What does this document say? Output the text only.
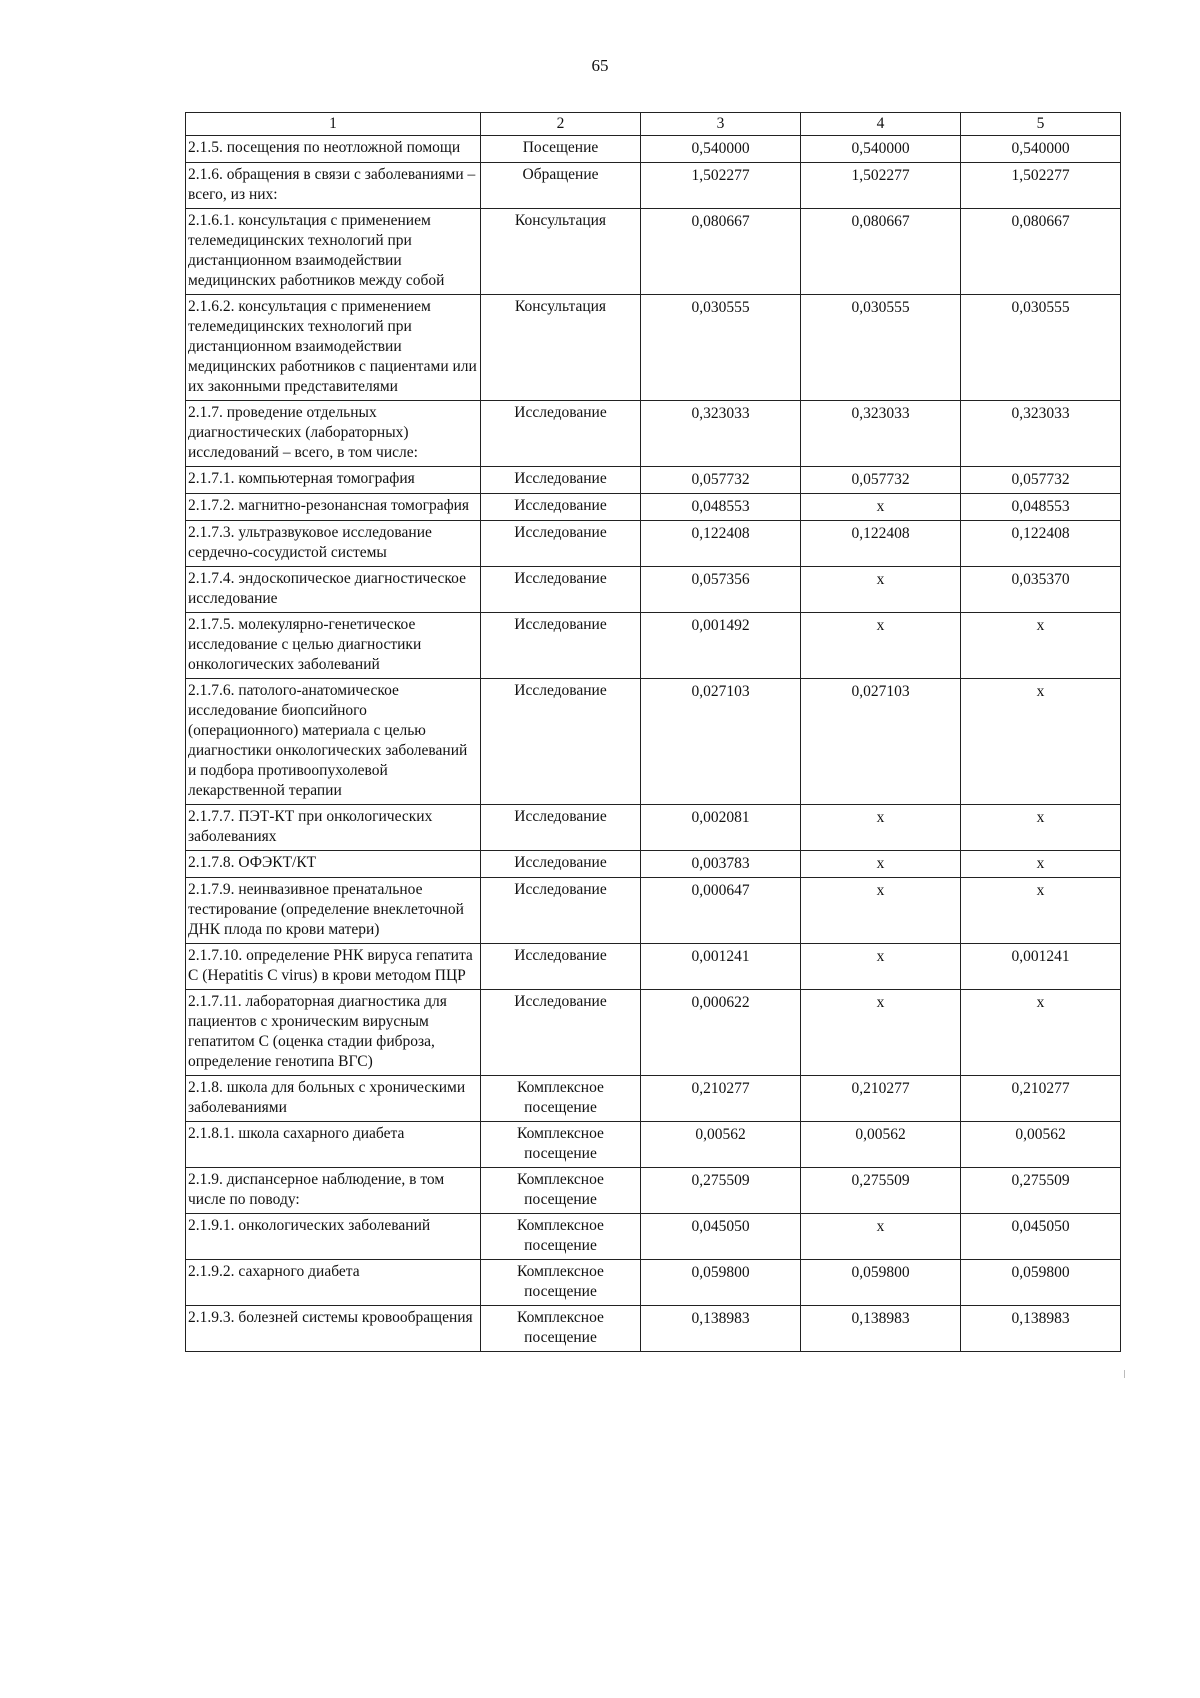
65
1	2	3	4	5
2.1.5. посещения по неотложной помощи	Посещение	0,540000	0,540000	0,540000
2.1.6. обращения в связи с заболеваниями – всего, из них:	Обращение	1,502277	1,502277	1,502277
2.1.6.1. консультация с применением телемедицинских технологий при дистанционном взаимодействии медицинских работников между собой	Консультация	0,080667	0,080667	0,080667
2.1.6.2. консультация с применением телемедицинских технологий при дистанционном взаимодействии медицинских работников с пациентами или их законными представителями	Консультация	0,030555	0,030555	0,030555
2.1.7. проведение отдельных диагностических (лабораторных) исследований – всего, в том числе:	Исследование	0,323033	0,323033	0,323033
2.1.7.1. компьютерная томография	Исследование	0,057732	0,057732	0,057732
2.1.7.2. магнитно-резонансная томография	Исследование	0,048553	х	0,048553
2.1.7.3. ультразвуковое исследование сердечно-сосудистой системы	Исследование	0,122408	0,122408	0,122408
2.1.7.4. эндоскопическое диагностическое исследование	Исследование	0,057356	х	0,035370
2.1.7.5. молекулярно-генетическое исследование с целью диагностики онкологических заболеваний	Исследование	0,001492	х	х
2.1.7.6. патолого-анатомическое исследование биопсийного (операционного) материала с целью диагностики онкологических заболеваний и подбора противоопухолевой лекарственной терапии	Исследование	0,027103	0,027103	х
2.1.7.7. ПЭТ-КТ при онкологических заболеваниях	Исследование	0,002081	х	х
2.1.7.8. ОФЭКТ/КТ	Исследование	0,003783	х	х
2.1.7.9. неинвазивное пренатальное тестирование (определение внеклеточной ДНК плода по крови матери)	Исследование	0,000647	х	х
2.1.7.10. определение РНК вируса гепатита С (Hepatitis C virus) в крови методом ПЦР	Исследование	0,001241	х	0,001241
2.1.7.11. лабораторная диагностика для пациентов с хроническим вирусным гепатитом С (оценка стадии фиброза, определение генотипа ВГС)	Исследование	0,000622	х	х
2.1.8. школа для больных с хроническими заболеваниями	Комплексное посещение	0,210277	0,210277	0,210277
2.1.8.1. школа сахарного диабета	Комплексное посещение	0,00562	0,00562	0,00562
2.1.9. диспансерное наблюдение, в том числе по поводу:	Комплексное посещение	0,275509	0,275509	0,275509
2.1.9.1. онкологических заболеваний	Комплексное посещение	0,045050	х	0,045050
2.1.9.2. сахарного диабета	Комплексное посещение	0,059800	0,059800	0,059800
2.1.9.3. болезней системы кровообращения	Комплексное посещение	0,138983	0,138983	0,138983
